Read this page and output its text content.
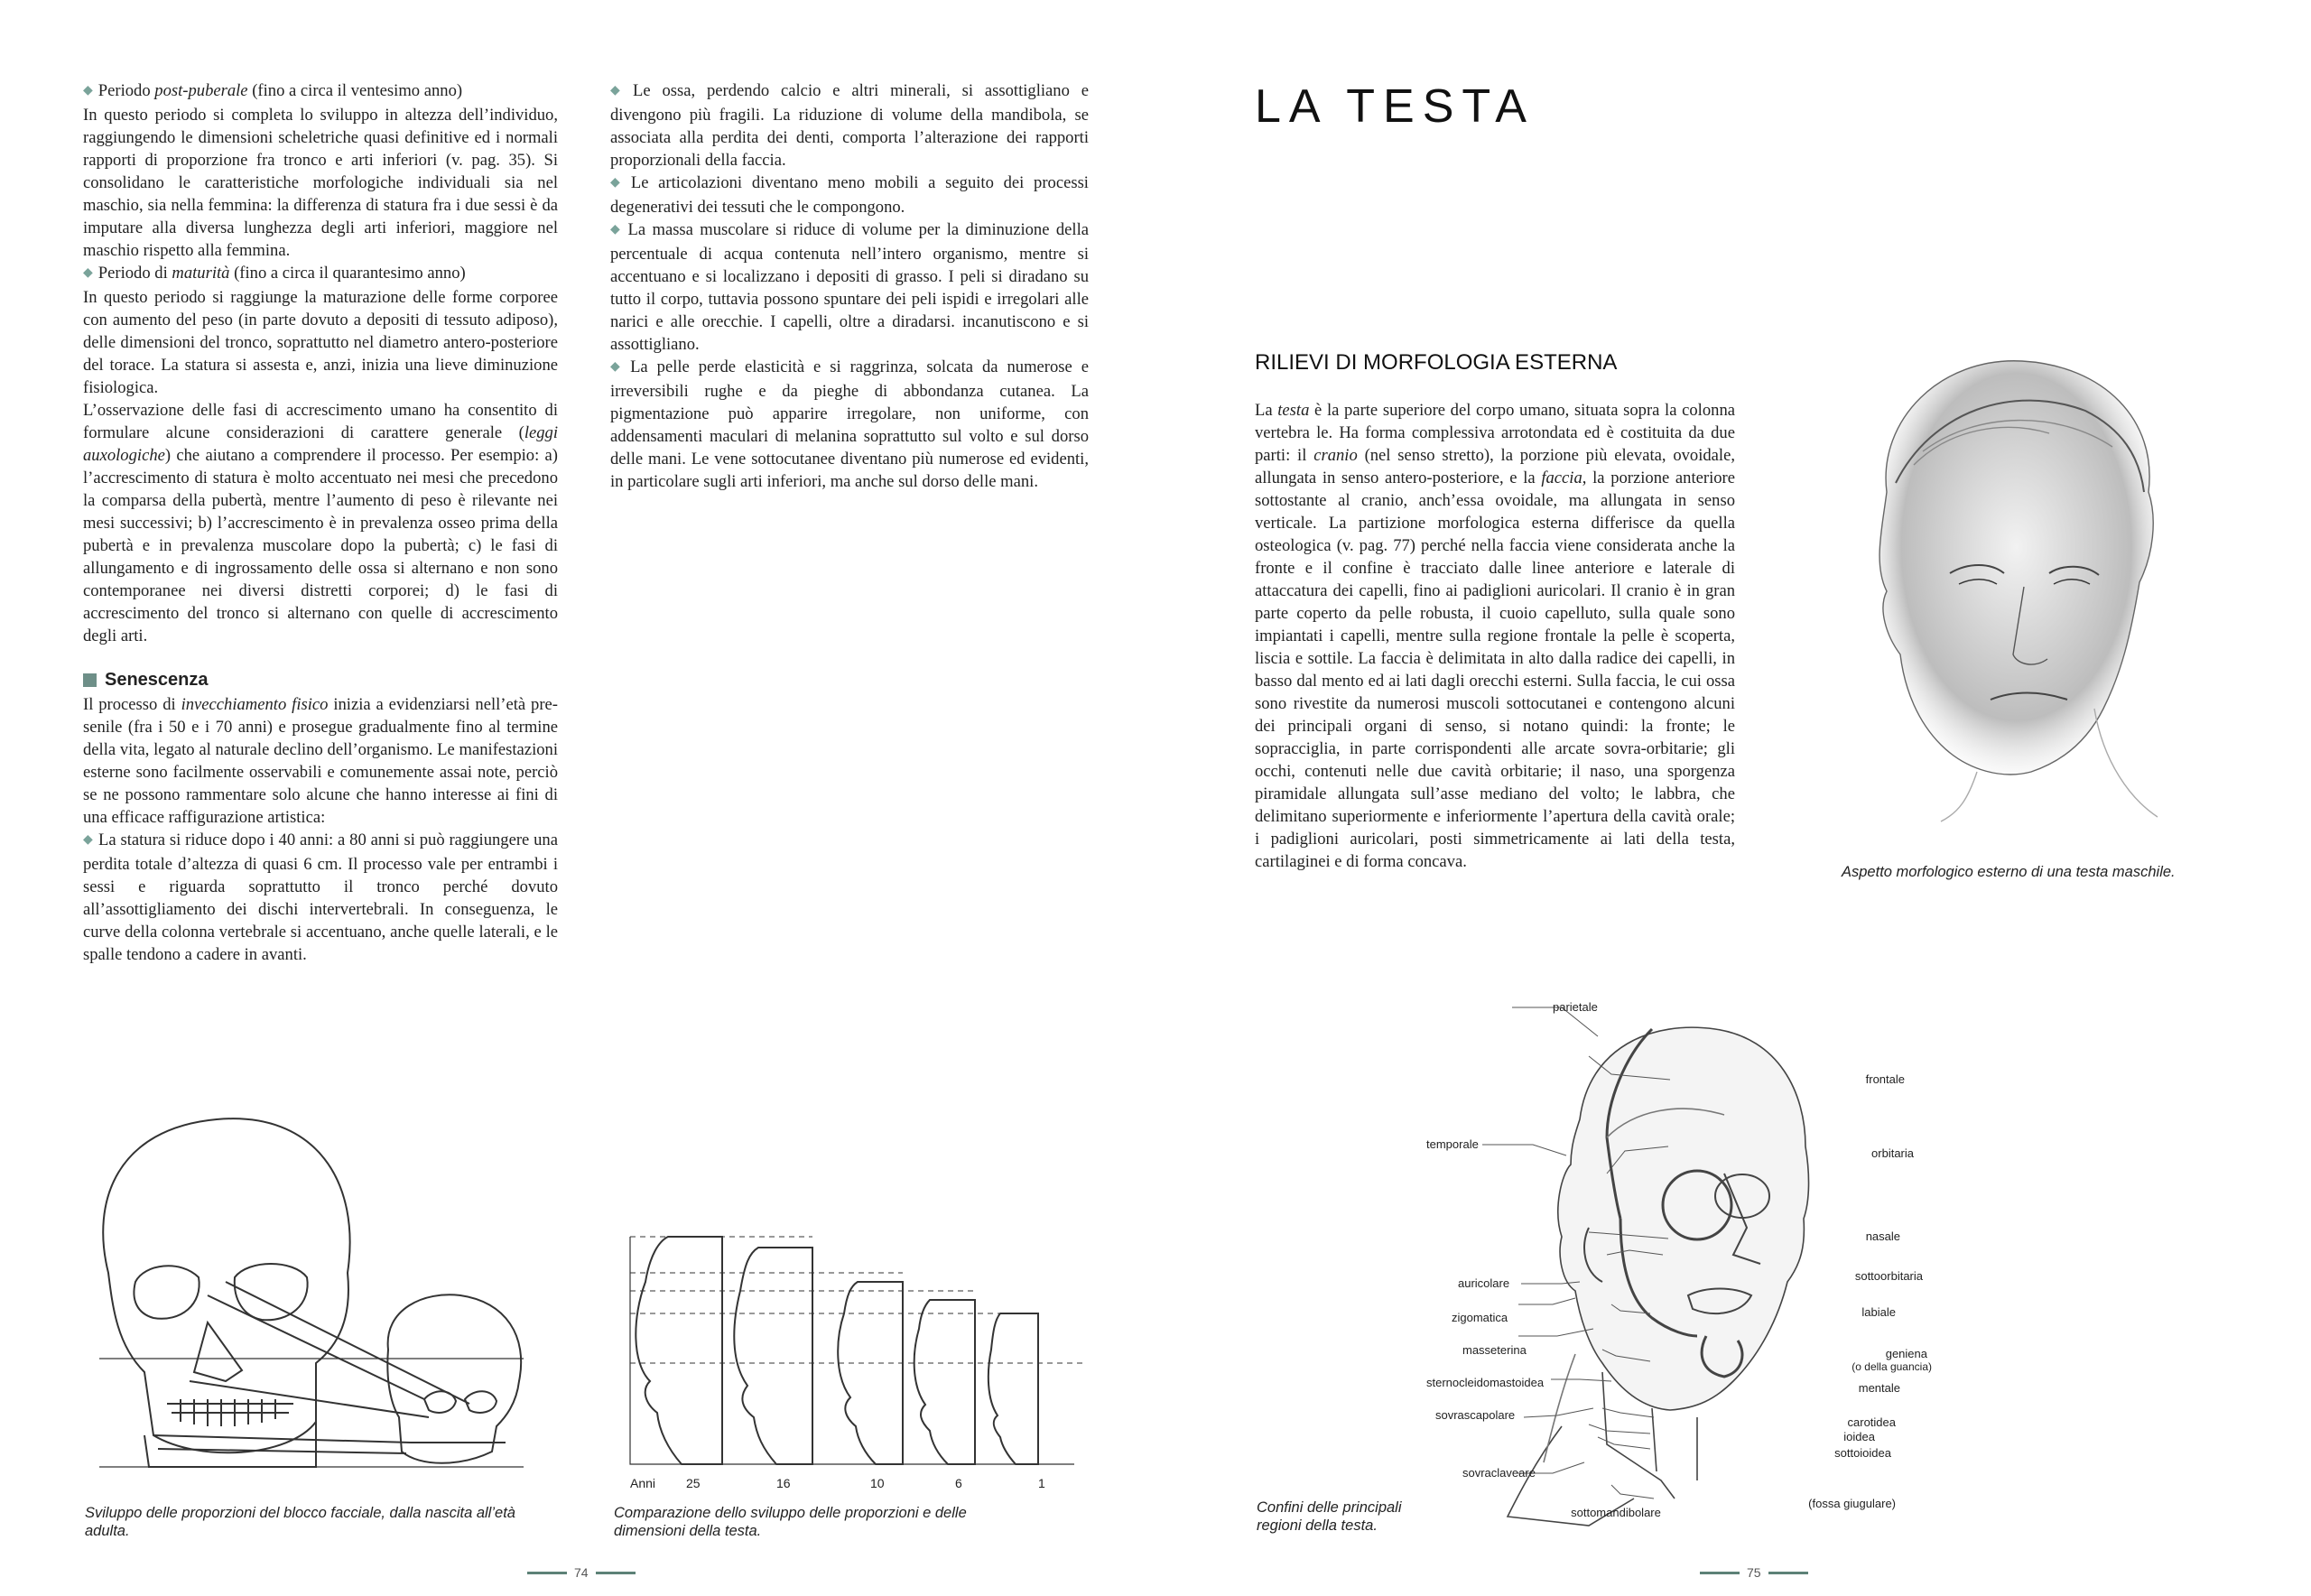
◆ Periodo post-puberale (fino a circa il ventesimo anno)

In questo periodo si completa lo sviluppo in altezza dell’individuo, raggiungendo le dimensioni scheletriche quasi definitive ed i normali rapporti di proporzione fra tronco e arti inferiori (v. pag. 35). Si consolidano le caratteristiche morfologiche individuali sia nel maschio, sia nella femmina: la differenza di statura fra i due sessi è da imputare alla diversa lunghezza degli arti inferiori, maggiore nel maschio rispetto alla femmina.

◆ Periodo di maturità (fino a circa il quarantesimo anno)

In questo periodo si raggiunge la maturazione delle forme corporee con aumento del peso (in parte dovuto a depositi di tessuto adiposo), delle dimensioni del tronco, soprattutto nel diametro antero-posteriore del torace. La statura si assesta e, anzi, inizia una lieve diminuzione fisiologica.

L’osservazione delle fasi di accrescimento umano ha consentito di formulare alcune considerazioni di carattere generale (leggi auxologiche) che aiutano a comprendere il processo. Per esempio: a) l’accrescimento di statura è molto accentuato nei mesi che precedono la comparsa della pubertà, mentre l’aumento di peso è rilevante nei mesi successivi; b) l’accrescimento è in prevalenza osseo prima della pubertà e in prevalenza muscolare dopo la pubertà; c) le fasi di allungamento e di ingrossamento delle ossa si alternano e non sono contemporanee nei diversi distretti corporei; d) le fasi di accrescimento del tronco si alternano con quelle di accrescimento degli arti.

Senescenza

Il processo di invecchiamento fisico inizia a evidenziarsi nell’età pre-senile (fra i 50 e i 70 anni) e prosegue gradualmente fino al termine della vita, legato al naturale declino dell’organismo. Le manifestazioni esterne sono facilmente osservabili e comunemente assai note, perciò se ne possono rammentare solo alcune che hanno interesse ai fini di una efficace raffigurazione artistica:

◆ La statura si riduce dopo i 40 anni: a 80 anni si può raggiungere una perdita totale d’altezza di quasi 6 cm. Il processo vale per entrambi i sessi e riguarda soprattutto il tronco perché dovuto all’assottigliamento dei dischi intervertebrali. In conseguenza, le curve della colonna vertebrale si accentuano, anche quelle laterali, e le spalle tendono a cadere in avanti.

◆ Le ossa, perdendo calcio e altri minerali, si assottigliano e divengono più fragili. La riduzione di volume della mandibola, se associata alla perdita dei denti, comporta l’alterazione dei rapporti proporzionali della faccia.

◆ Le articolazioni diventano meno mobili a seguito dei processi degenerativi dei tessuti che le compongono.

◆ La massa muscolare si riduce di volume per la diminuzione della percentuale di acqua contenuta nell’intero organismo, mentre si accentuano e si localizzano i depositi di grasso. I peli si diradano su tutto il corpo, tuttavia possono spuntare dei peli ispidi e irregolari alle narici e alle orecchie. I capelli, oltre a diradarsi. incanutiscono e si assottigliano.

◆ La pelle perde elasticità e si raggrinza, solcata da numerose e irreversibili rughe e da pieghe di abbondanza cutanea. La pigmentazione può apparire irregolare, non uniforme, con addensamenti maculari di melanina soprattutto sul volto e sul dorso delle mani. Le vene sottocutanee diventano più numerose ed evidenti, in particolare sugli arti inferiori, ma anche sul dorso delle mani.

Sviluppo delle proporzioni del blocco facciale, dalla nascita all’età adulta.
Anni 25	16	10	6	1
Comparazione dello sviluppo delle proporzioni e delle dimensioni della testa.
74
LA TESTA
RILIEVI DI MORFOLOGIA ESTERNA

La testa è la parte superiore del corpo umano, situata sopra la colonna vertebra le. Ha forma complessiva arrotondata ed è costituita da due parti: il cranio (nel senso stretto), la porzione più elevata, ovoidale, allungata in senso antero-posteriore, e la faccia, la porzione anteriore sottostante al cranio, anch’essa ovoidale, ma allungata in senso verticale. La partizione morfologica esterna differisce da quella osteologica (v. pag. 77) perché nella faccia viene considerata anche la fronte e il confine è tracciato dalle linee anteriore e laterale di attaccatura dei capelli, fino ai padiglioni auricolari. Il cranio è in gran parte coperto da pelle robusta, il cuoio capelluto, sulla quale sono impiantati i capelli, mentre sulla regione frontale la pelle è scoperta, liscia e sottile. La faccia è delimitata in alto dalla radice dei capelli, in basso dal mento ed ai lati dagli orecchi esterni. Sulla faccia, le cui ossa sono rivestite da numerosi muscoli sottocutanei e contengono alcuni dei principali organi di senso, si notano quindi: la fronte; le sopracciglia, in parte corrispondenti alle arcate sovra-orbitarie; gli occhi, contenuti nelle due cavità orbitarie; il naso, una sporgenza piramidale allungata sull’asse mediano del volto; le labbra, che delimitano superiormente e inferiormente l’apertura della cavità orale; i padiglioni auricolari, posti simmetricamente ai lati della testa, cartilaginei e di forma concava.

Aspetto morfologico esterno di una testa maschile.
parietale
frontale
temporale
orbitaria
nasale
auricolare
sottoorbitaria
zigomatica	labiale
masseterina	geniena
(o della guancia)
mentale
sternocleidomastoidea
sovrascapolare
carotidea
ioidea
sottoioidea
sovraclaveare
(fossa giugulare)
sottomandibolare
Confini delle principali regioni della testa.
75
